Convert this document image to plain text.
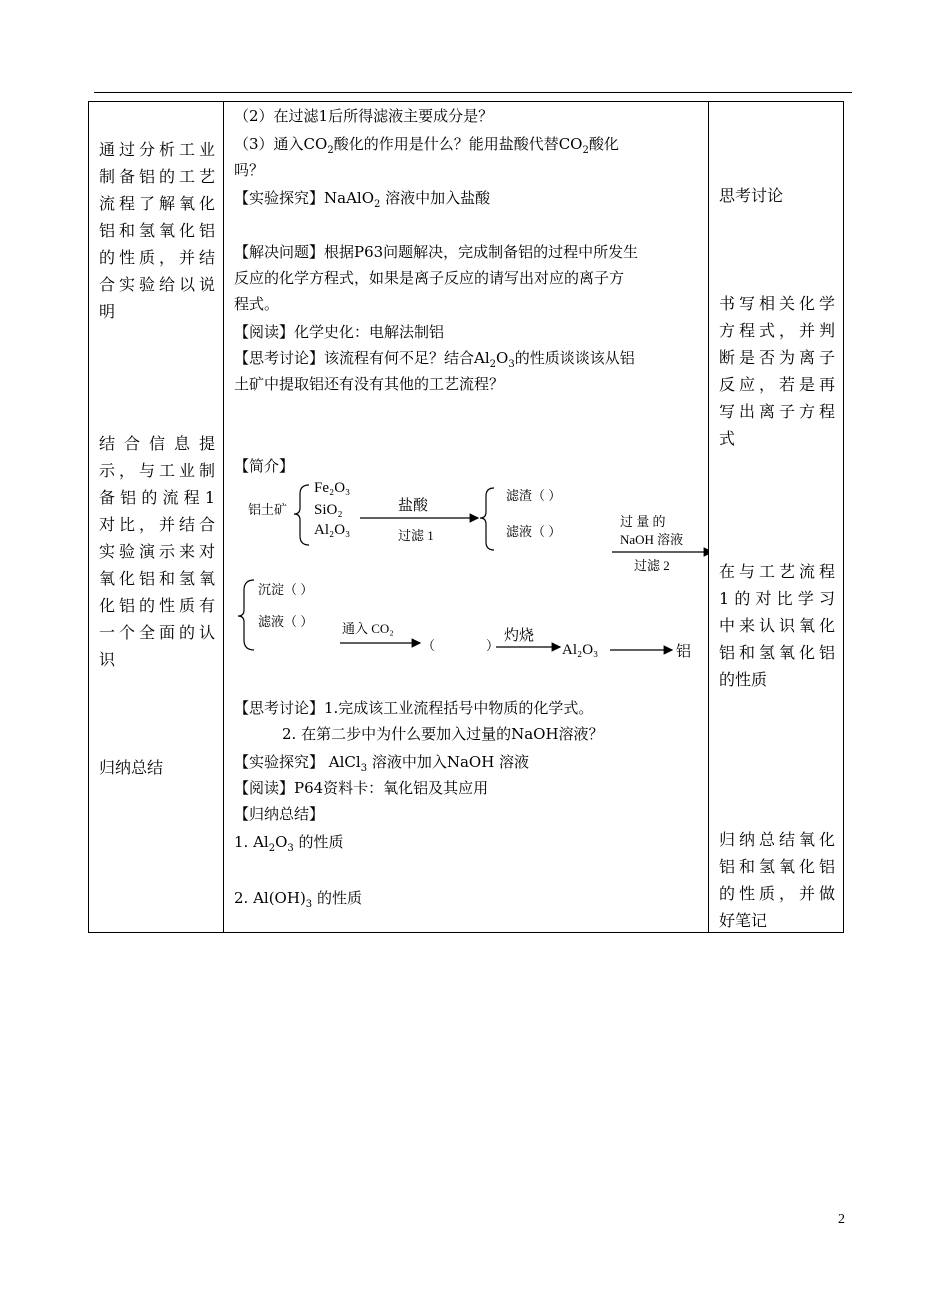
通过分析工业
制备铝的工艺
流程了解氧化
铝和氢氧化铝
的性质，并结
合实验给以说
明
结合信息提
示，与工业制
备铝的流程1
对比，并结合
实验演示来对
氧化铝和氢氧
化铝的性质有
一个全面的认
识
归纳总结

（2）在过滤1后所得滤液主要成分是？
（3）通入$CO_2$酸化的作用是什么？能用盐酸代替$CO_2$酸化
吗？
【实验探究】NaAlO$_2$ 溶液中加入盐酸
【解决问题】根据P63问题解决，完成制备铝的过程中所发生
反应的化学方程式，如果是离子反应的请写出对应的离子方
程式。
【阅读】化学史化：电解法制铝
【思考讨论】该流程有何不足？结合$Al_2O_3$的性质谈谈该从铝
土矿中提取铝还有没有其他的工艺流程？
【简介】
铝土矿
Fe₂O₃
SiO₂
Al₂O₃
盐酸
过滤 1
滤渣（ ）
滤液（ ）
过 量 的
NaOH 溶液
过滤 2
沉淀（ ）
滤液（ ） 通入 CO₂
（	）
灼烧
Al₂O₃	铝
【思考讨论】1.完成该工业流程括号中物质的化学式。
2. 在第二步中为什么要加入过量的NaOH溶液？
【实验探究】 AlCl$_3$ 溶液中加入NaOH 溶液
【阅读】P64资料卡：氧化铝及其应用
【归纳总结】
1. $Al_2O_3$ 的性质
2. $Al(OH)_3$ 的性质

思考讨论
书写相关化学
方程式，并判
断是否为离子
反应，若是再
写出离子方程
式
在与工艺流程
1的对比学习
中来认识氧化
铝和氢氧化铝
的性质
归纳总结氧化
铝和氢氧化铝
的性质，并做
好笔记
2
